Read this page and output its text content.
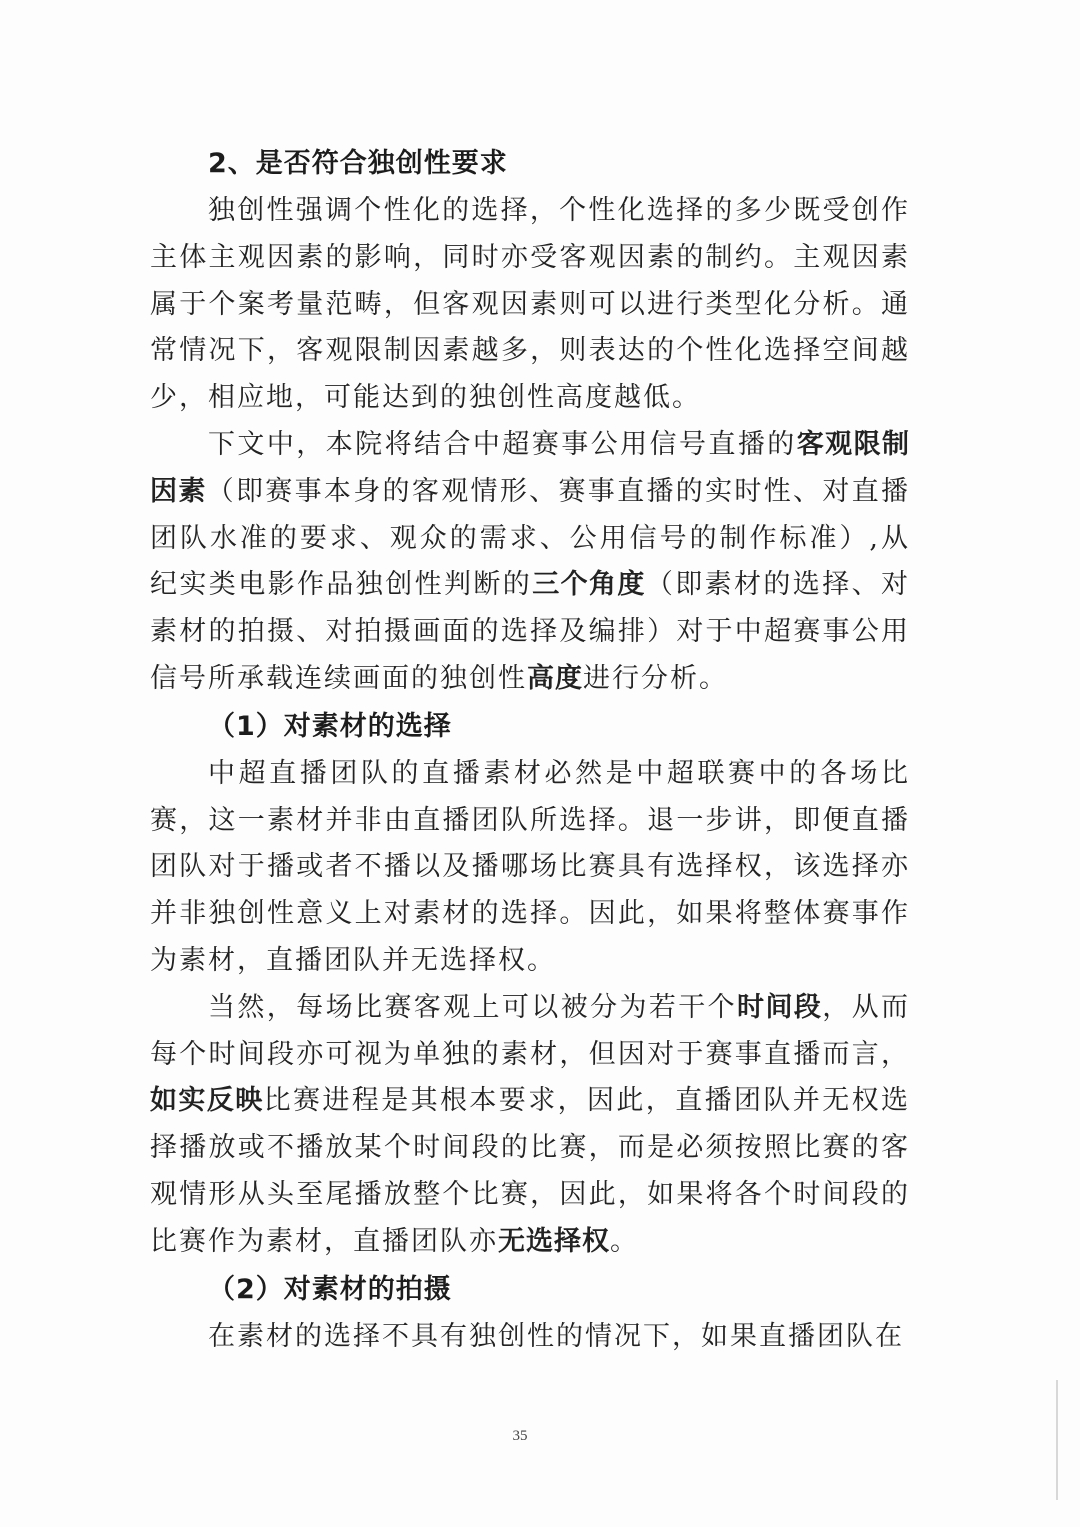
2、是否符合独创性要求

独创性强调个性化的选择，个性化选择的多少既受创作主体主观因素的影响，同时亦受客观因素的制约。主观因素属于个案考量范畴，但客观因素则可以进行类型化分析。通常情况下，客观限制因素越多，则表达的个性化选择空间越少，相应地，可能达到的独创性高度越低。

下文中，本院将结合中超赛事公用信号直播的客观限制因素（即赛事本身的客观情形、赛事直播的实时性、对直播团队水准的要求、观众的需求、公用信号的制作标准）,从纪实类电影作品独创性判断的三个角度（即素材的选择、对素材的拍摄、对拍摄画面的选择及编排）对于中超赛事公用信号所承载连续画面的独创性高度进行分析。

（1）对素材的选择

中超直播团队的直播素材必然是中超联赛中的各场比赛，这一素材并非由直播团队所选择。退一步讲，即便直播团队对于播或者不播以及播哪场比赛具有选择权，该选择亦并非独创性意义上对素材的选择。因此，如果将整体赛事作为素材，直播团队并无选择权。

当然，每场比赛客观上可以被分为若干个时间段，从而每个时间段亦可视为单独的素材，但因对于赛事直播而言，如实反映比赛进程是其根本要求，因此，直播团队并无权选择播放或不播放某个时间段的比赛，而是必须按照比赛的客观情形从头至尾播放整个比赛，因此，如果将各个时间段的比赛作为素材，直播团队亦无选择权。

（2）对素材的拍摄

在素材的选择不具有独创性的情况下，如果直播团队在

35
